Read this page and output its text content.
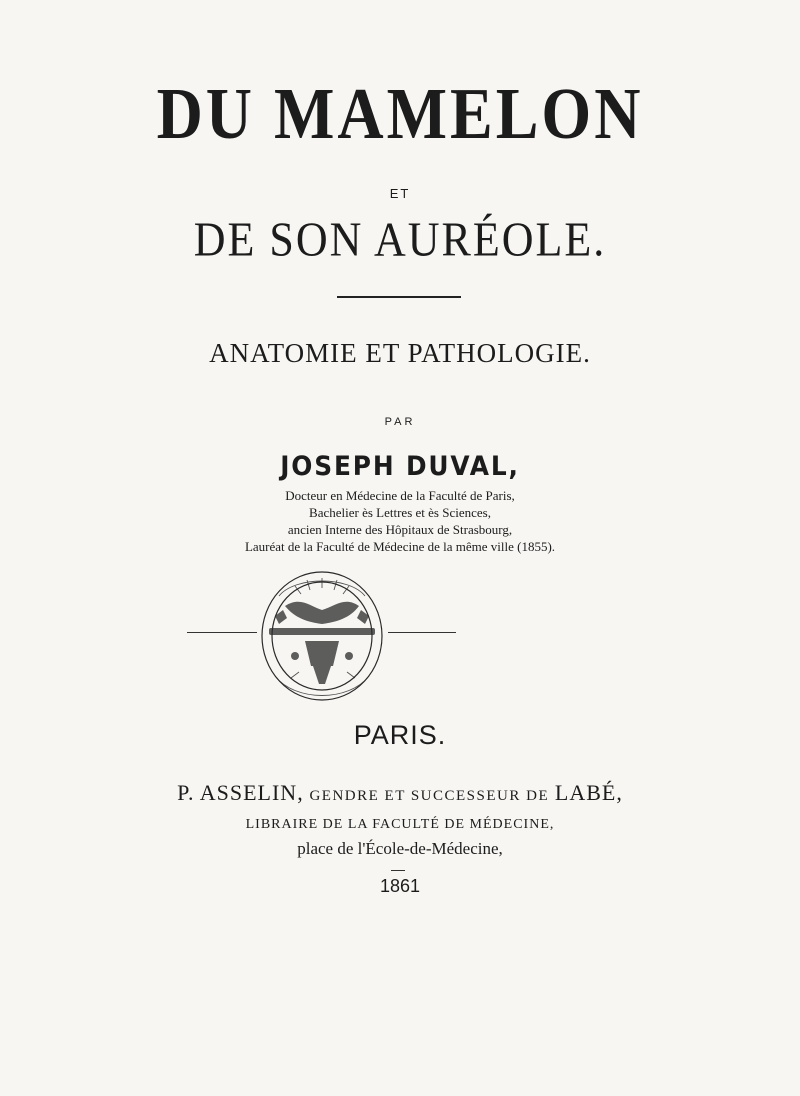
DU MAMELON
ET
DE SON AURÉOLE.
ANATOMIE ET PATHOLOGIE.
PAR
JOSEPH DUVAL,
Docteur en Médecine de la Faculté de Paris,
Bachelier ès Lettres et ès Sciences,
ancien Interne des Hôpitaux de Strasbourg,
Lauréat de la Faculté de Médecine de la même ville (1855).
PARIS.
P. ASSELIN, GENDRE ET SUCCESSEUR DE LABÉ,
LIBRAIRE DE LA FACULTÉ DE MÉDECINE,
place de l'École-de-Médecine,
1861
